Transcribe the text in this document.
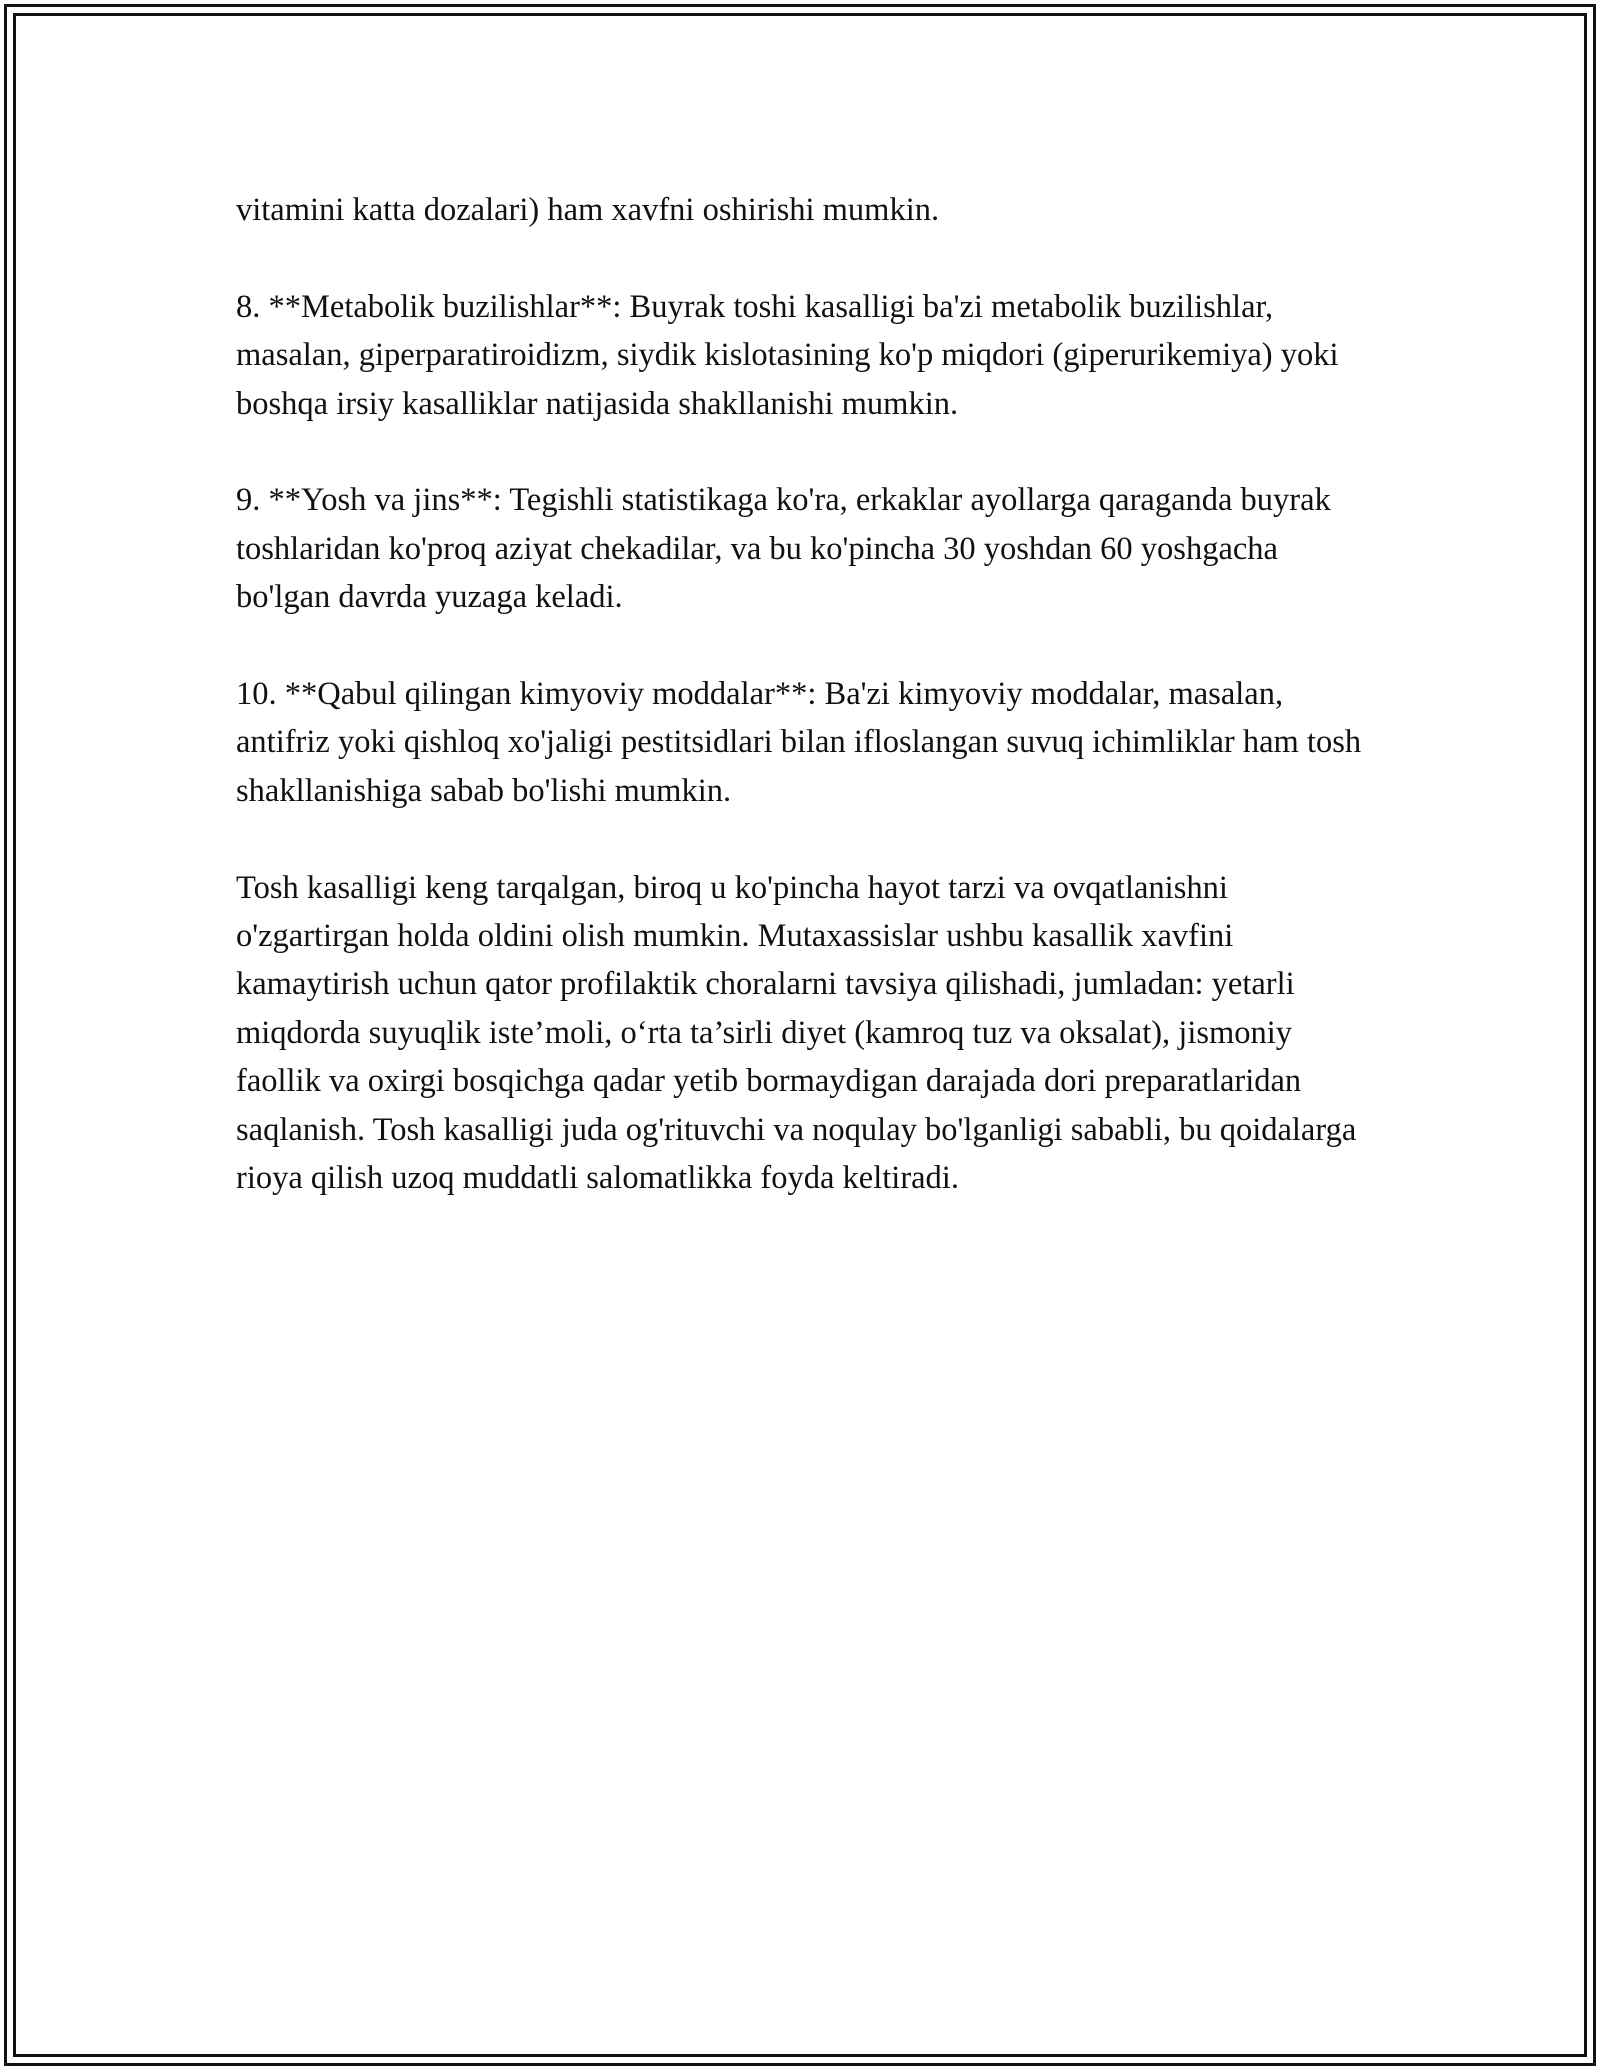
vitamini katta dozalari) ham xavfni oshirishi mumkin.

8. **Metabolik buzilishlar**: Buyrak toshi kasalligi ba'zi metabolik buzilishlar, masalan, giperparatiroidizm, siydik kislotasining ko'p miqdori (giperurikemiya) yoki boshqa irsiy kasalliklar natijasida shakllanishi mumkin.

9. **Yosh va jins**: Tegishli statistikaga ko'ra, erkaklar ayollarga qaraganda buyrak toshlaridan ko'proq aziyat chekadilar, va bu ko'pincha 30 yoshdan 60 yoshgacha bo'lgan davrda yuzaga keladi.

10. **Qabul qilingan kimyoviy moddalar**: Ba'zi kimyoviy moddalar, masalan, antifriz yoki qishloq xo'jaligi pestitsidlari bilan ifloslangan suvuq ichimliklar ham tosh shakllanishiga sabab bo'lishi mumkin.

Tosh kasalligi keng tarqalgan, biroq u ko'pincha hayot tarzi va ovqatlanishni o'zgartirgan holda oldini olish mumkin. Mutaxassislar ushbu kasallik xavfini kamaytirish uchun qator profilaktik choralarni tavsiya qilishadi, jumladan: yetarli miqdorda suyuqlik iste’moli, o‘rta ta’sirli diyet (kamroq tuz va oksalat), jismoniy faollik va oxirgi bosqichga qadar yetib bormaydigan darajada dori preparatlaridan saqlanish. Tosh kasalligi juda og'rituvchi va noqulay bo'lganligi sababli, bu qoidalarga rioya qilish uzoq muddatli salomatlikka foyda keltiradi.
